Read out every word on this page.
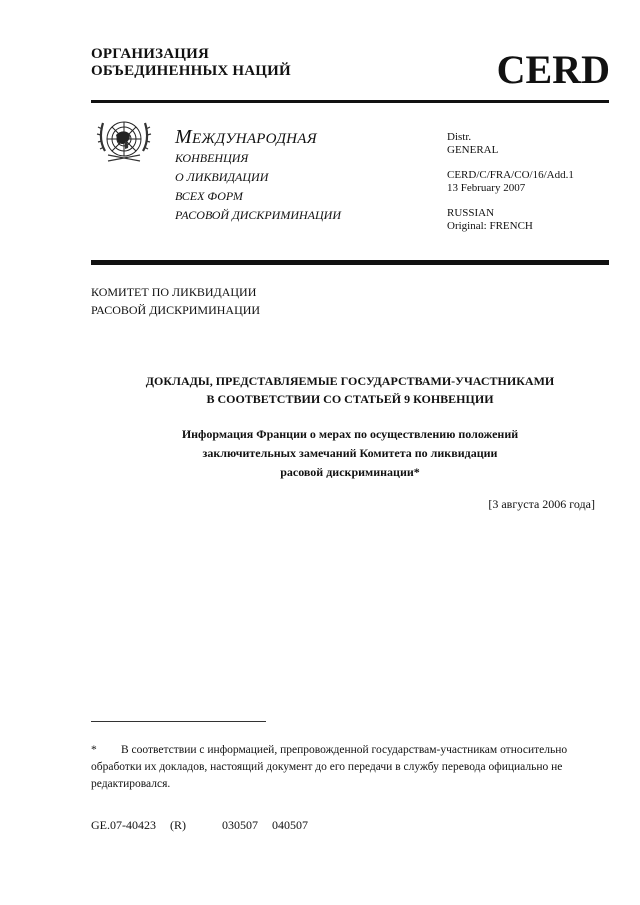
ОРГАНИЗАЦИЯ
ОБЪЕДИНЕННЫХ НАЦИЙ	CERD
МЕЖДУНАРОДНАЯ
КОНВЕНЦИЯ
О ЛИКВИДАЦИИ
ВСЕХ ФОРМ
РАСОВОЙ ДИСКРИМИНАЦИИ
Distr.
GENERAL
CERD/C/FRA/CO/16/Add.1
13 February 2007
RUSSIAN
Original: FRENCH
КОМИТЕТ ПО ЛИКВИДАЦИИ
РАСОВОЙ ДИСКРИМИНАЦИИ
ДОКЛАДЫ, ПРЕДСТАВЛЯЕМЫЕ ГОСУДАРСТВАМИ-УЧАСТНИКАМИ
В СООТВЕТСТВИИ СО СТАТЬЕЙ 9 КОНВЕНЦИИ
Информация Франции о мерах по осуществлению положений
заключительных замечаний Комитета по ликвидации
расовой дискриминации*
[3 августа 2006 года]
* В соответствии с информацией, препровожденной государствам-участникам относительно обработки их докладов, настоящий документ до его передачи в службу перевода официально не редактировался.
GE.07-40423 (R)	030507 040507
